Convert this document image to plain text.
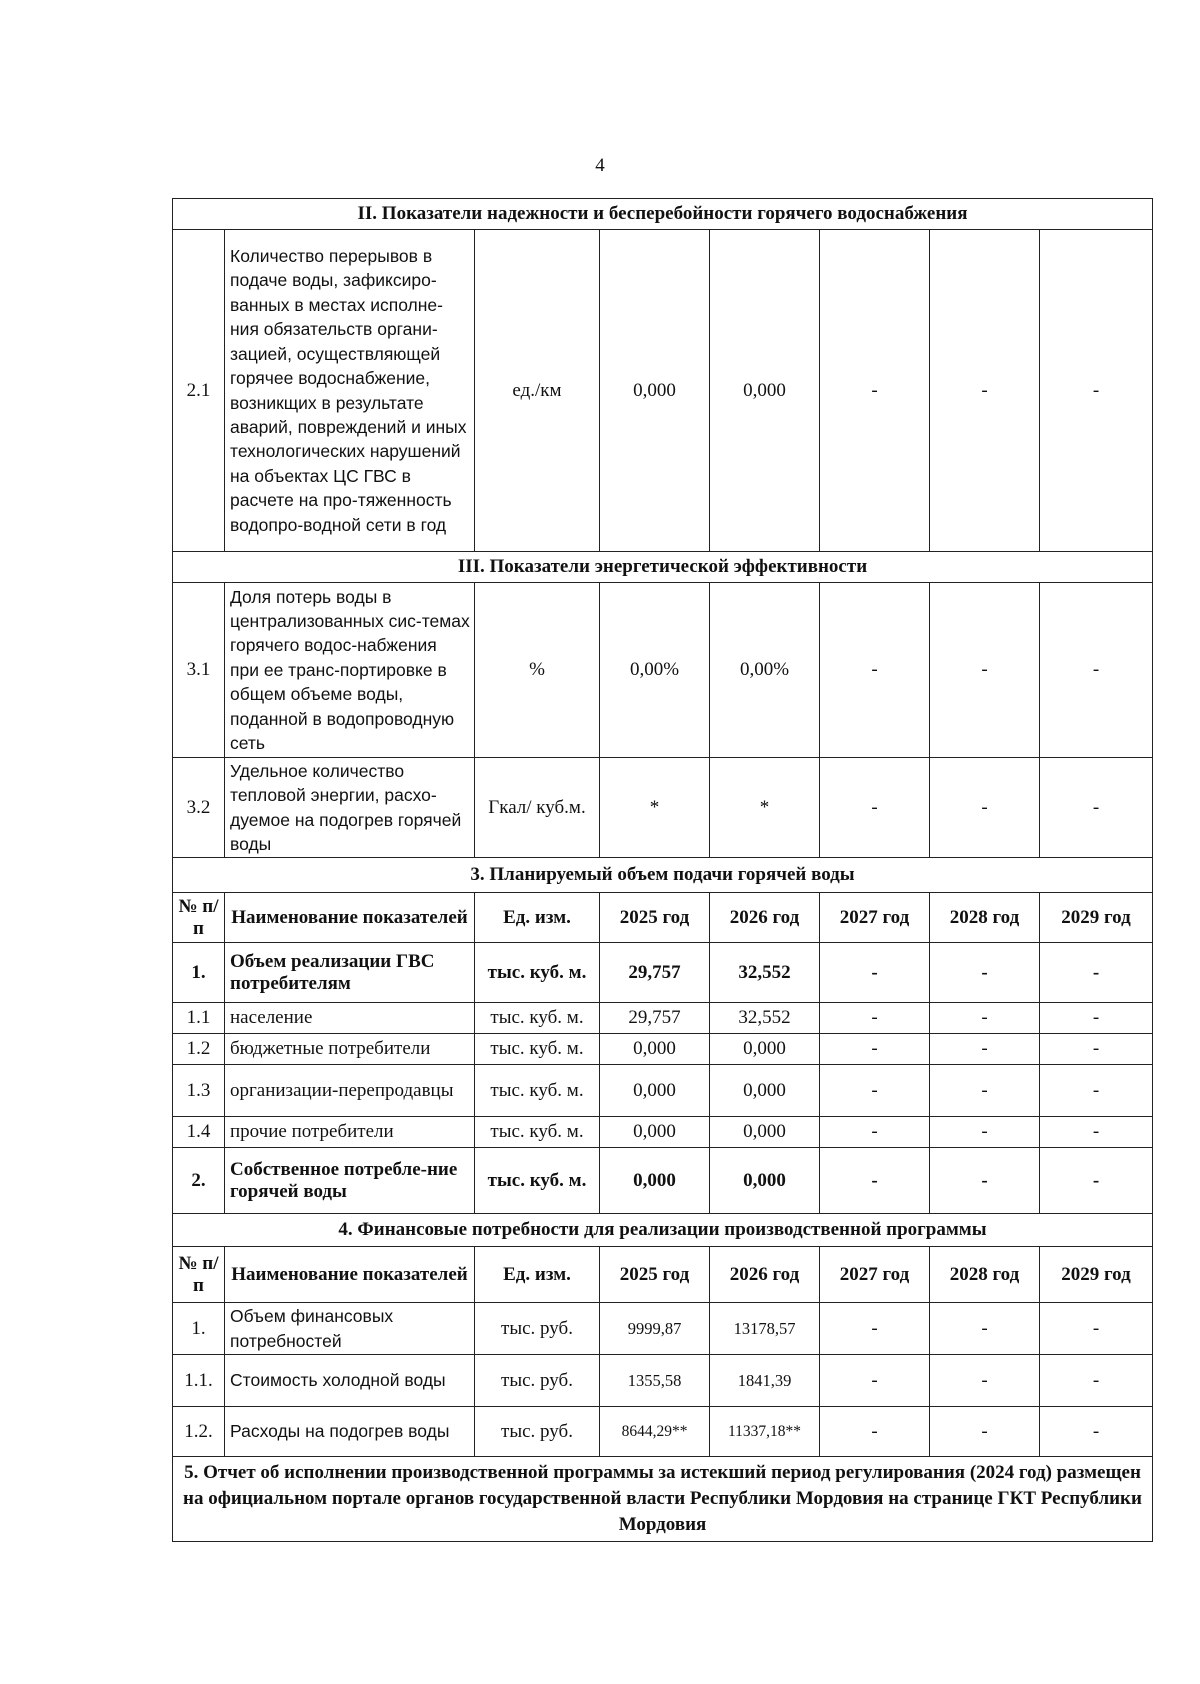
4
II. Показатели надежности и бесперебойности горячего водоснабжения							
2.1	Количество перерывов в подаче воды, зафиксиро-ванных в местах исполне-ния обязательств органи-зацией, осуществляющей горячее водоснабжение, возникщих в результате аварий, повреждений и иных технологических нарушений на объектах ЦС ГВС в расчете на про-тяженность водопро-водной сети в год	ед./км	0,000	0,000	-	-	-
III. Показатели энергетической эффективности							
3.1	Доля потерь воды в централизованных сис-темах горячего водос-набжения при ее транс-портировке в общем объеме воды, поданной в водопроводную сеть	%	0,00%	0,00%	-	-	-
3.2	Удельное количество тепловой энергии, расхо-дуемое на подогрев горячей воды	Гкал/ куб.м.	*	*	-	-	-
3. Планируемый объем подачи горячей воды							
№ п/п	Наименование показателей	Ед. изм.	2025 год	2026 год	2027 год	2028 год	2029 год
1.	Объем реализации ГВС потребителям	тыс. куб. м.	29,757	32,552	-	-	-
1.1	население	тыс. куб. м.	29,757	32,552	-	-	-
1.2	бюджетные потребители	тыс. куб. м.	0,000	0,000	-	-	-
1.3	организации-перепродавцы	тыс. куб. м.	0,000	0,000	-	-	-
1.4	прочие потребители	тыс. куб. м.	0,000	0,000	-	-	-
2.	Собственное потребле-ние горячей воды	тыс. куб. м.	0,000	0,000	-	-	-
4. Финансовые потребности для реализации производственной программы							
№ п/п	Наименование показателей	Ед. изм.	2025 год	2026 год	2027 год	2028 год	2029 год
1.	Объем финансовых потребностей	тыс. руб.	9999,87	13178,57	-	-	-
1.1.	Стоимость холодной воды	тыс. руб.	1355,58	1841,39	-	-	-
1.2.	Расходы на подогрев воды	тыс. руб.	8644,29**	11337,18**	-	-	-
5. Отчет об исполнении производственной программы за истекший период регулирования (2024 год) размещен на официальном портале органов государственной власти Республики Мордовия на странице ГКТ Республики Мордовия							
